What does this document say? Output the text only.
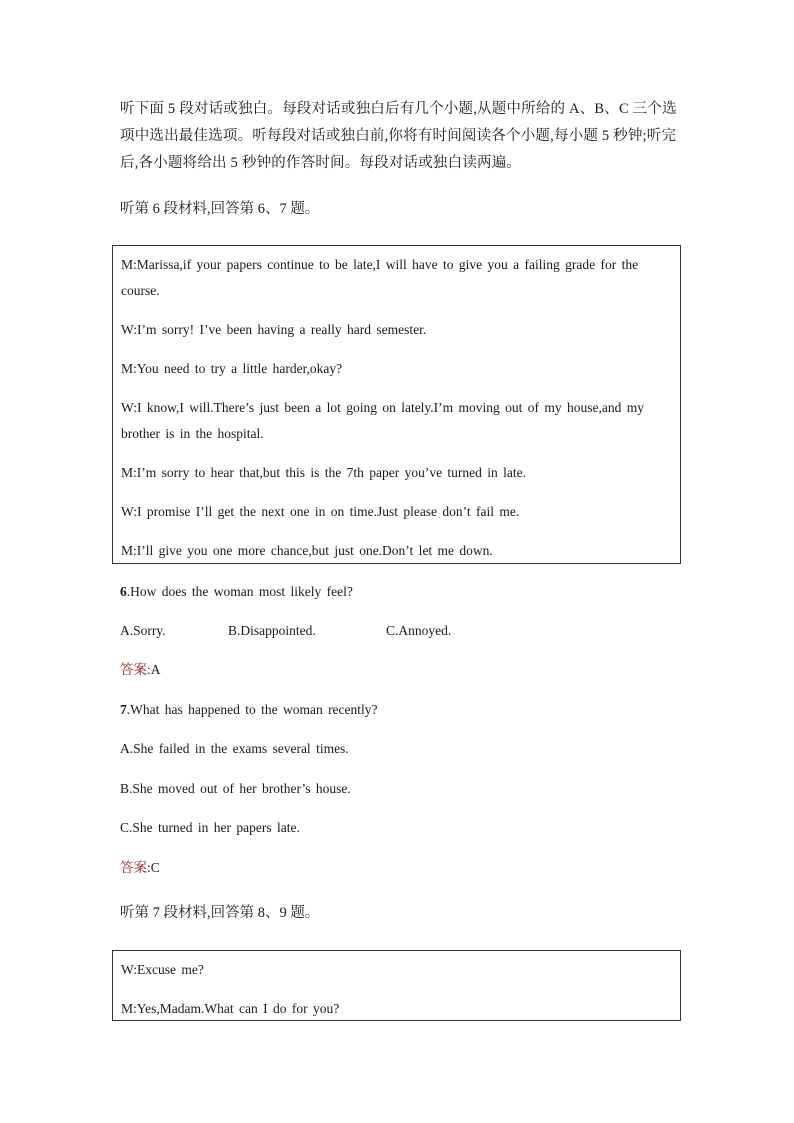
听下面 5 段对话或独白。每段对话或独白后有几个小题,从题中所给的 A、B、C 三个选项中选出最佳选项。听每段对话或独白前,你将有时间阅读各个小题,每小题 5 秒钟;听完后,各小题将给出 5 秒钟的作答时间。每段对话或独白读两遍。
听第 6 段材料,回答第 6、7 题。

M:Marissa,if your papers continue to be late,I will have to give you a failing grade for the course.

W:I’m sorry! I’ve been having a really hard semester.

M:You need to try a little harder,okay?

W:I know,I will.There’s just been a lot going on lately.I’m moving out of my house,and my brother is in the hospital.

M:I’m sorry to hear that,but this is the 7th paper you’ve turned in late.

W:I promise I’ll get the next one in on time.Just please don’t fail me.

M:I’ll give you one more chance,but just one.Don’t let me down.

6.How does the woman most likely feel?
A.Sorry.	B.Disappointed.	C.Annoyed.
答案:A
7.What has happened to the woman recently?
A.She failed in the exams several times.
B.She moved out of her brother’s house.
C.She turned in her papers late.
答案:C
听第 7 段材料,回答第 8、9 题。

W:Excuse me?

M:Yes,Madam.What can I do for you?
